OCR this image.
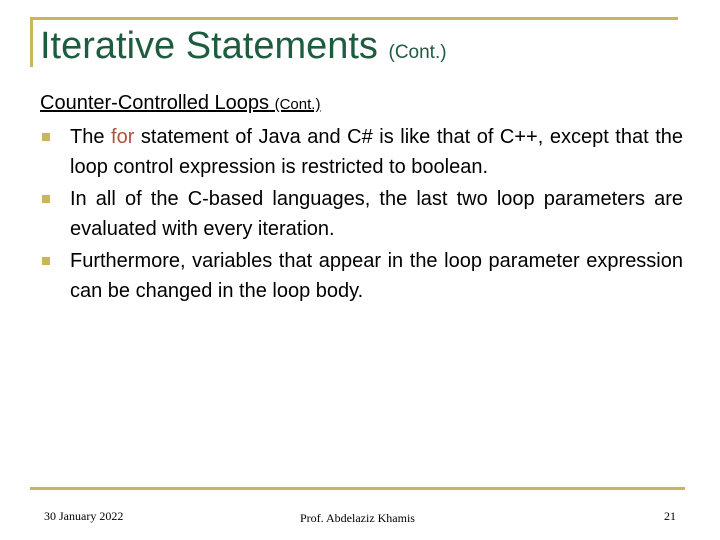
Iterative Statements (Cont.)
Counter-Controlled Loops (Cont.)
The for statement of Java and C# is like that of C++, except that the loop control expression is restricted to boolean.
In all of the C-based languages, the last two loop parameters are evaluated with every iteration.
Furthermore, variables that appear in the loop parameter expression can be changed in the loop body.
30 January 2022	Prof. Abdelaziz Khamis	21
